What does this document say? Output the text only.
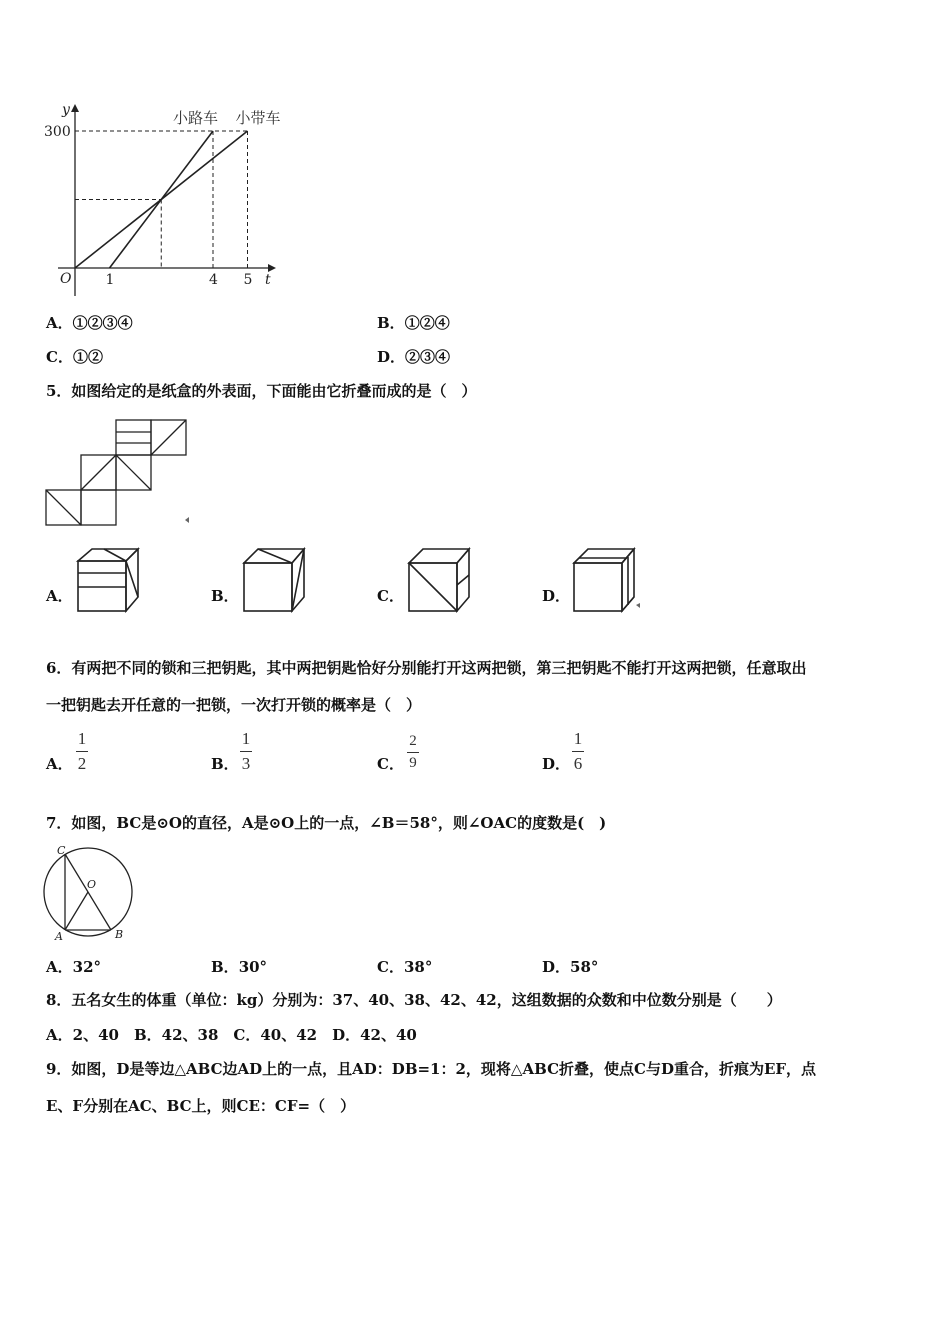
小路车 小带车
1	4 5
300
O	t
y
A．①②③④	B．①②④
C．①②	D．②③④
5．如图给定的是纸盒的外表面，下面能由它折叠而成的是（　）
A．	B．	C．	D．
6．有两把不同的锁和三把钥匙，其中两把钥匙恰好分别能打开这两把锁，第三把钥匙不能打开这两把锁，任意取出
一把钥匙去开任意的一把锁，一次打开锁的概率是（　）
A．
1
2	B．
1
3	C．
2
9	D．
1
6
7．如图，BC是⊙O的直径，A是⊙O上的一点，∠B＝58°，则∠OAC的度数是(　)
C
O
A	B
A．32°	B．30°	C．38°	D．58°
8．五名女生的体重（单位：kg）分别为：37、40、38、42、42，这组数据的众数和中位数分别是（　　）
A．2、40　B．42、38　C．40、42　D．42、40
9．如图，D是等边△ABC边AD上的一点，且AD：DB=1：2，现将△ABC折叠，使点C与D重合，折痕为EF，点
E、F分别在AC、BC上，则CE：CF=（　）
